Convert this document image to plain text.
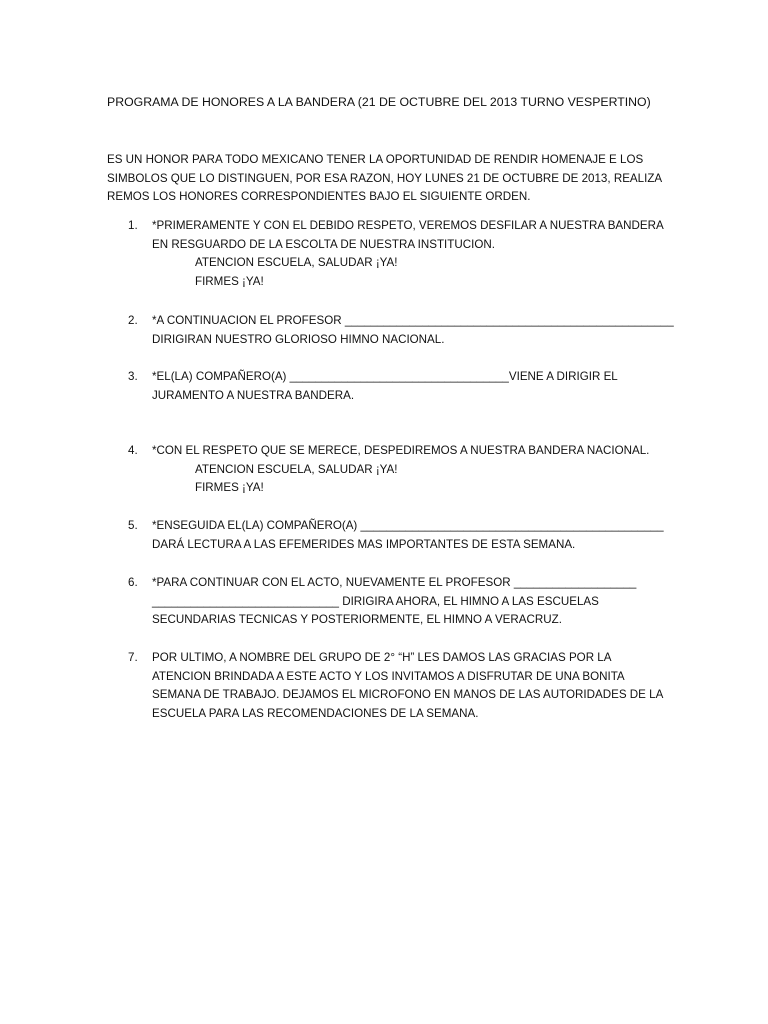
PROGRAMA DE HONORES A LA BANDERA (21 DE OCTUBRE DEL 2013 TURNO VESPERTINO)
ES UN HONOR PARA TODO MEXICANO TENER LA OPORTUNIDAD DE RENDIR HOMENAJE E LOS
SIMBOLOS QUE LO DISTINGUEN, POR ESA RAZON, HOY LUNES 21 DE OCTUBRE DE 2013, REALIZA
REMOS LOS HONORES CORRESPONDIENTES BAJO EL SIGUIENTE ORDEN.
1. *PRIMERAMENTE Y CON EL DEBIDO RESPETO, VEREMOS DESFILAR A NUESTRA BANDERA
EN RESGUARDO DE LA ESCOLTA DE NUESTRA INSTITUCION.
ATENCION ESCUELA, SALUDAR ¡YA!
FIRMES ¡YA!
2. *A CONTINUACION EL PROFESOR ___________________________________________________
DIRIGIRAN NUESTRO GLORIOSO HIMNO NACIONAL.
3. *EL(LA) COMPAÑERO(A) __________________________________VIENE A DIRIGIR EL
JURAMENTO A NUESTRA BANDERA.
4. *CON EL RESPETO QUE SE MERECE, DESPEDIREMOS A NUESTRA BANDERA NACIONAL.
ATENCION ESCUELA, SALUDAR ¡YA!
FIRMES ¡YA!
5. *ENSEGUIDA EL(LA) COMPAÑERO(A) _______________________________________________
DARÁ LECTURA A LAS EFEMERIDES MAS IMPORTANTES DE ESTA SEMANA.
6. *PARA CONTINUAR CON EL ACTO, NUEVAMENTE EL PROFESOR ___________________
_____________________________ DIRIGIRA AHORA, EL HIMNO A LAS ESCUELAS
SECUNDARIAS TECNICAS Y POSTERIORMENTE, EL HIMNO A VERACRUZ.
7. POR ULTIMO, A NOMBRE DEL GRUPO DE 2° “H” LES DAMOS LAS GRACIAS POR LA
ATENCION BRINDADA A ESTE ACTO Y LOS INVITAMOS A DISFRUTAR DE UNA BONITA
SEMANA DE TRABAJO. DEJAMOS EL MICROFONO EN MANOS DE LAS AUTORIDADES DE LA
ESCUELA PARA LAS RECOMENDACIONES DE LA SEMANA.
